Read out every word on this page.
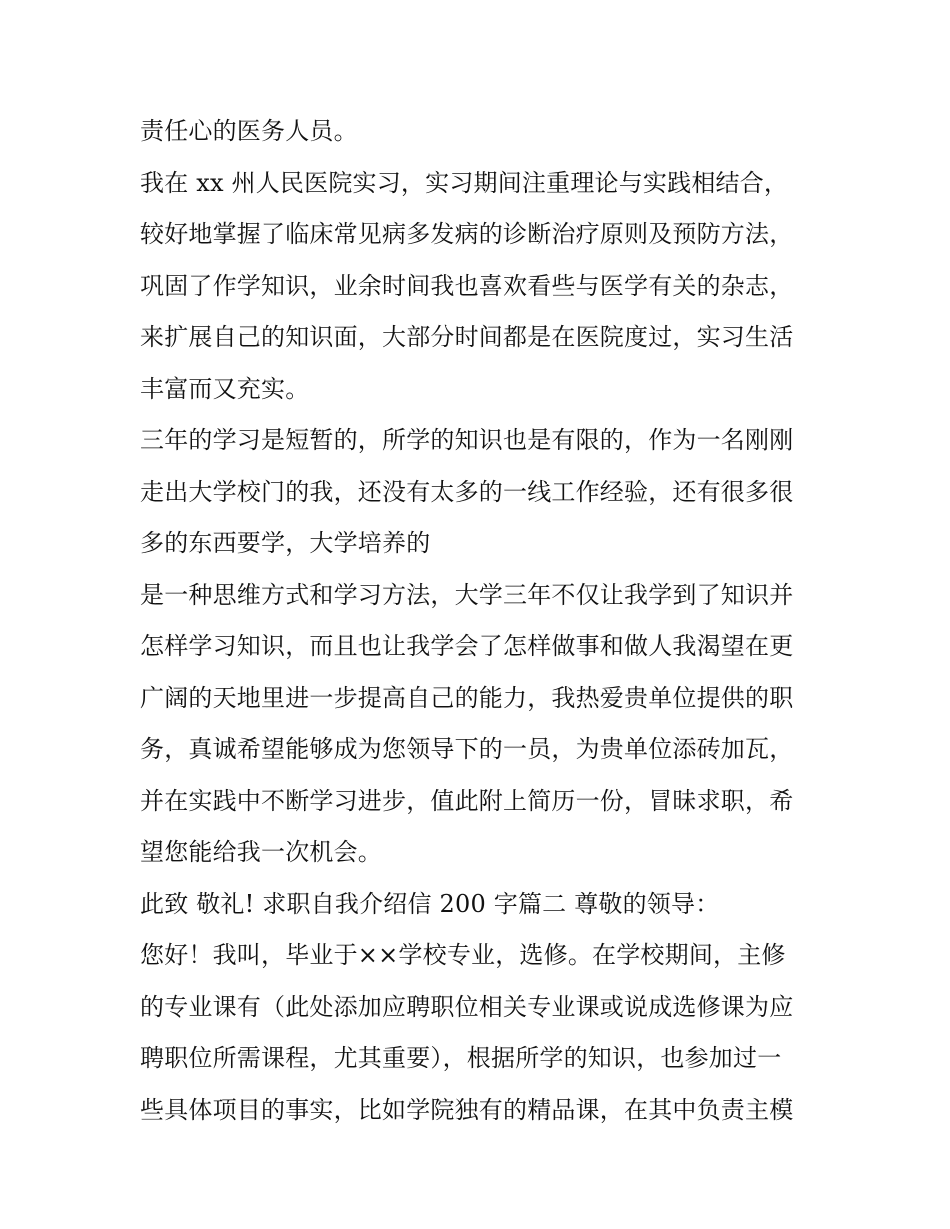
责任心的医务人员。
我在 xx 州人民医院实习，实习期间注重理论与实践相结合，
较好地掌握了临床常见病多发病的诊断治疗原则及预防方法，
巩固了作学知识，业余时间我也喜欢看些与医学有关的杂志，
来扩展自己的知识面，大部分时间都是在医院度过，实习生活
丰富而又充实。
三年的学习是短暂的，所学的知识也是有限的，作为一名刚刚
走出大学校门的我，还没有太多的一线工作经验，还有很多很
多的东西要学，大学培养的
是一种思维方式和学习方法，大学三年不仅让我学到了知识并
怎样学习知识，而且也让我学会了怎样做事和做人我渴望在更
广阔的天地里进一步提高自己的能力，我热爱贵单位提供的职
务，真诚希望能够成为您领导下的一员，为贵单位添砖加瓦，
并在实践中不断学习进步，值此附上简历一份，冒昧求职，希
望您能给我一次机会。
此致 敬礼! 求职自我介绍信 200 字篇二 尊敬的领导：
您好！我叫，毕业于××学校专业，选修。在学校期间，主修
的专业课有（此处添加应聘职位相关专业课或说成选修课为应
聘职位所需课程，尤其重要），根据所学的知识，也参加过一
些具体项目的事实，比如学院独有的精品课，在其中负责主模
